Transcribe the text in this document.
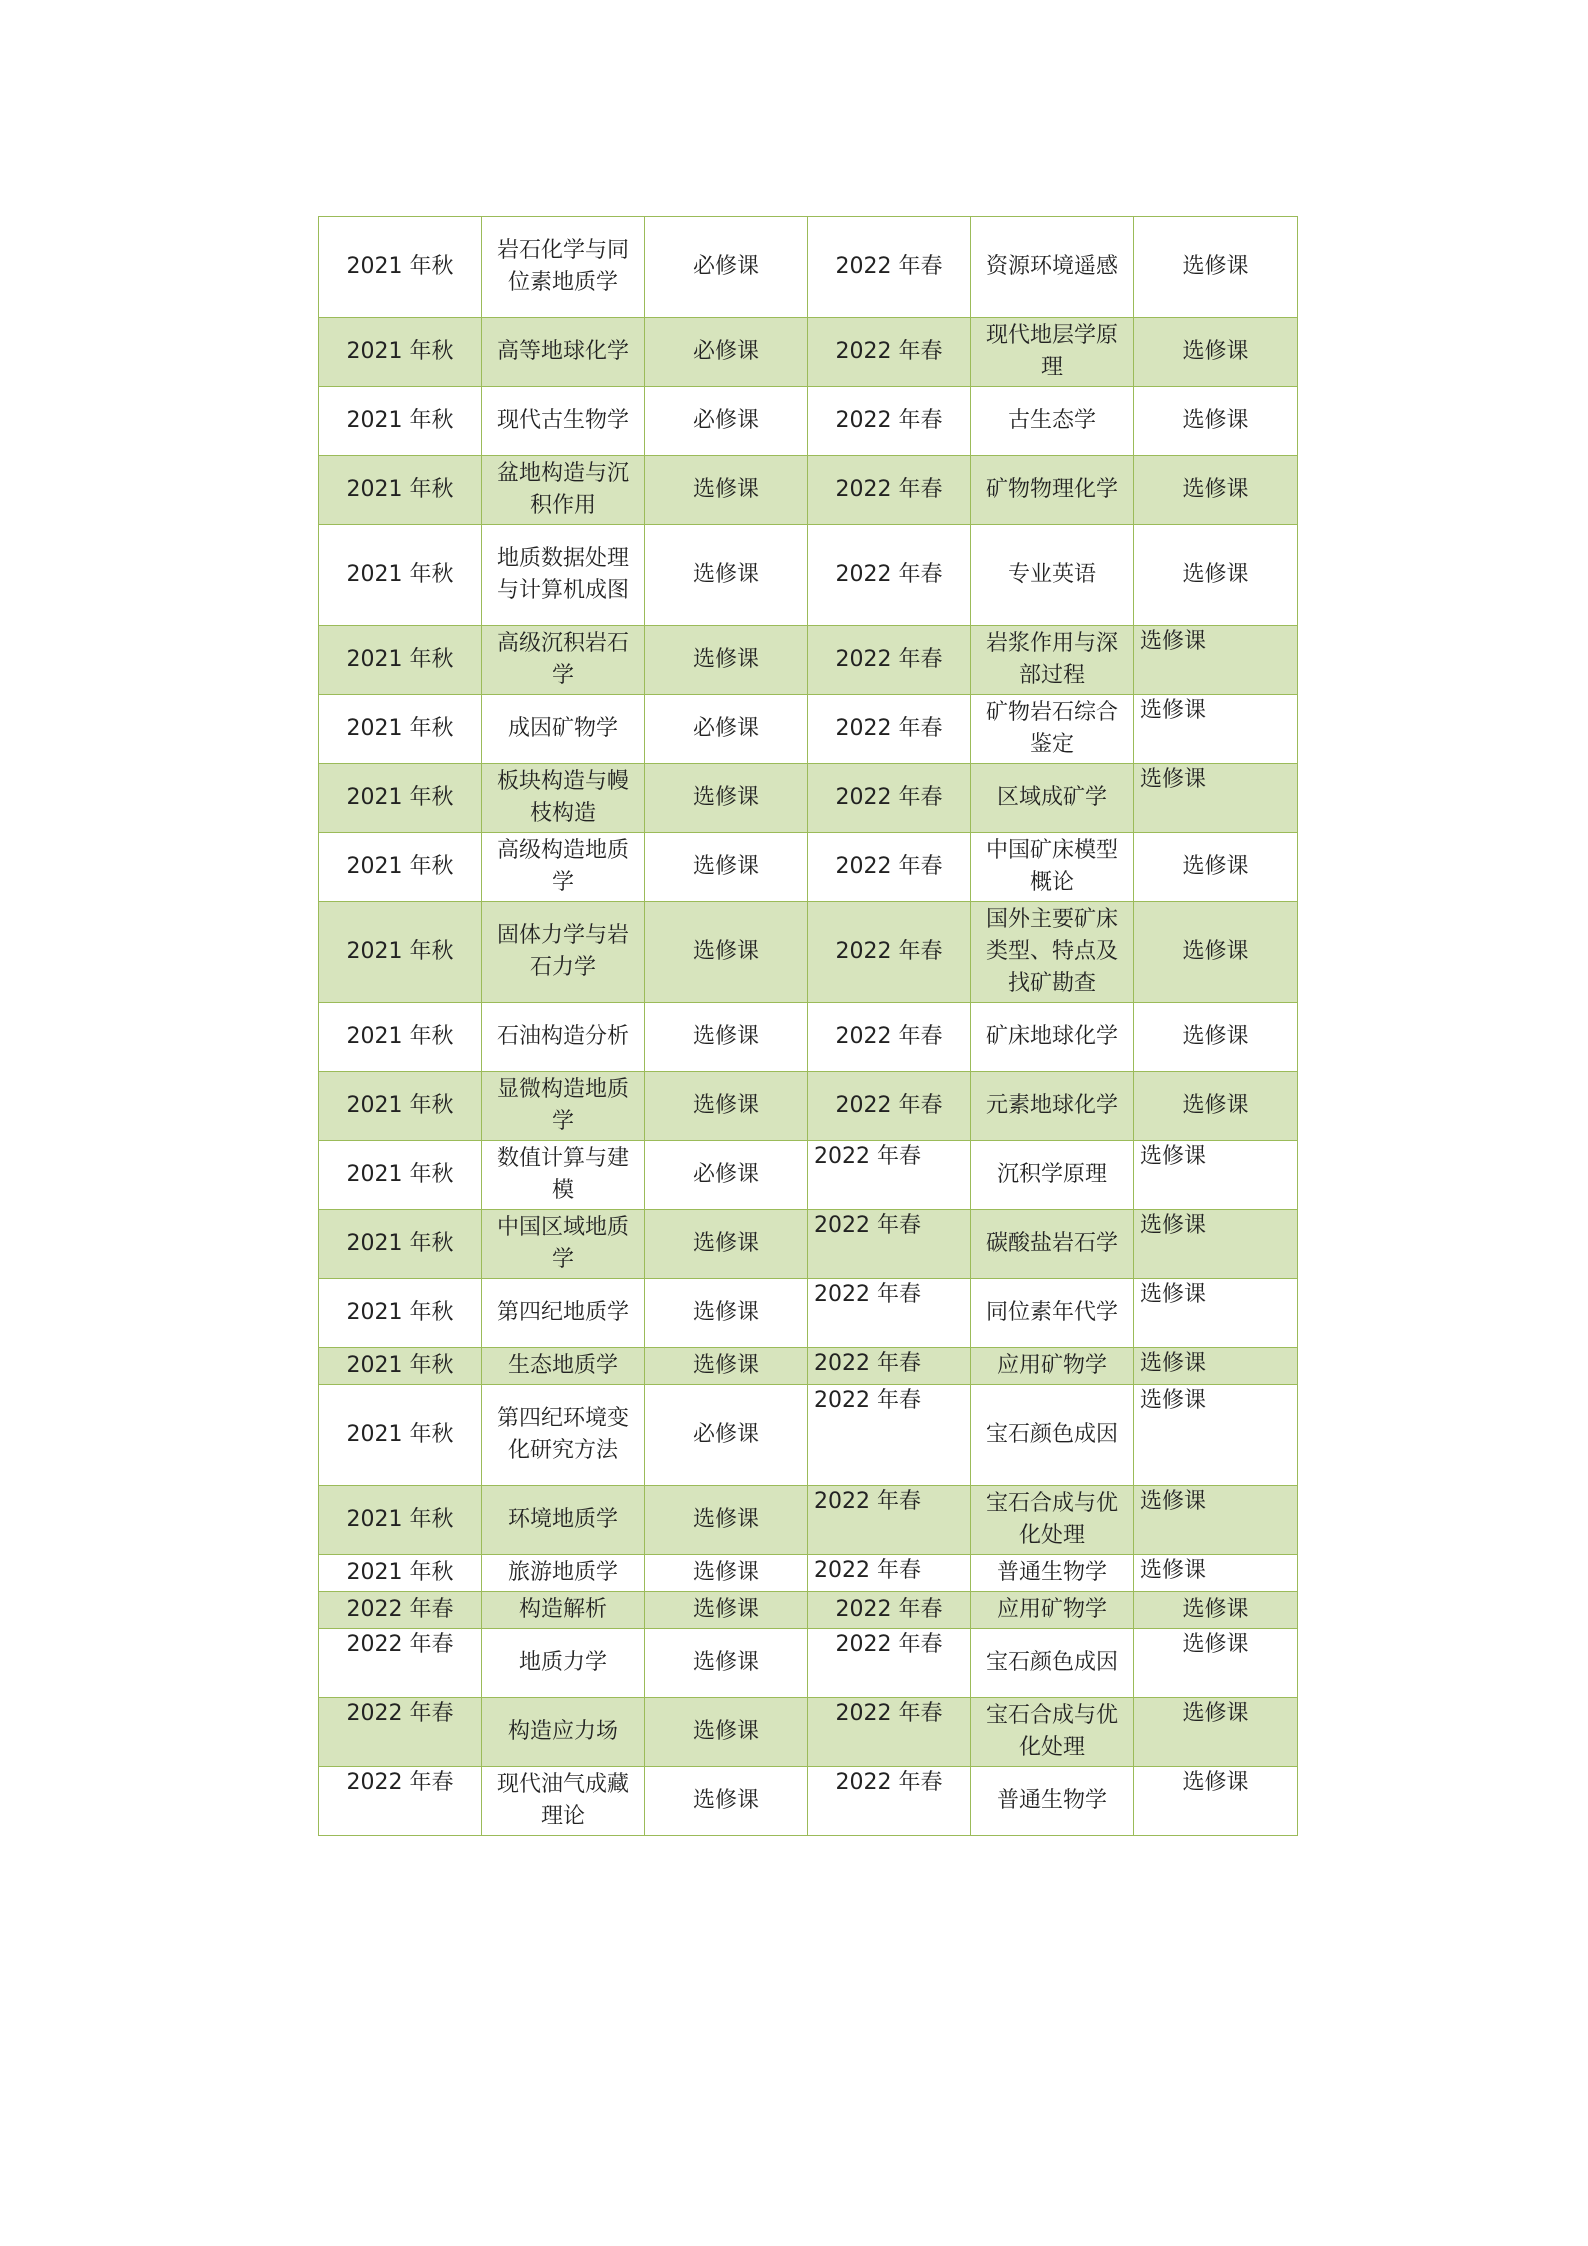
2021 年秋	岩石化学与同位素地质学	必修课	2022 年春	资源环境遥感	选修课
2021 年秋	高等地球化学	必修课	2022 年春	现代地层学原理	选修课
2021 年秋	现代古生物学	必修课	2022 年春	古生态学	选修课
2021 年秋	盆地构造与沉积作用	选修课	2022 年春	矿物物理化学	选修课
2021 年秋	地质数据处理与计算机成图	选修课	2022 年春	专业英语	选修课
2021 年秋	高级沉积岩石学	选修课	2022 年春	岩浆作用与深部过程	选修课
2021 年秋	成因矿物学	必修课	2022 年春	矿物岩石综合鉴定	选修课
2021 年秋	板块构造与幔枝构造	选修课	2022 年春	区域成矿学	选修课
2021 年秋	高级构造地质学	选修课	2022 年春	中国矿床模型概论	选修课
2021 年秋	固体力学与岩石力学	选修课	2022 年春	国外主要矿床类型、特点及找矿勘查	选修课
2021 年秋	石油构造分析	选修课	2022 年春	矿床地球化学	选修课
2021 年秋	显微构造地质学	选修课	2022 年春	元素地球化学	选修课
2021 年秋	数值计算与建模	必修课	2022 年春	沉积学原理	选修课
2021 年秋	中国区域地质学	选修课	2022 年春	碳酸盐岩石学	选修课
2021 年秋	第四纪地质学	选修课	2022 年春	同位素年代学	选修课
2021 年秋	生态地质学	选修课	2022 年春	应用矿物学	选修课
2021 年秋	第四纪环境变化研究方法	必修课	2022 年春	宝石颜色成因	选修课
2021 年秋	环境地质学	选修课	2022 年春	宝石合成与优化处理	选修课
2021 年秋	旅游地质学	选修课	2022 年春	普通生物学	选修课
2022 年春	构造解析	选修课	2022 年春	应用矿物学	选修课
2022 年春	地质力学	选修课	2022 年春	宝石颜色成因	选修课
2022 年春	构造应力场	选修课	2022 年春	宝石合成与优化处理	选修课
2022 年春	现代油气成藏理论	选修课	2022 年春	普通生物学	选修课
